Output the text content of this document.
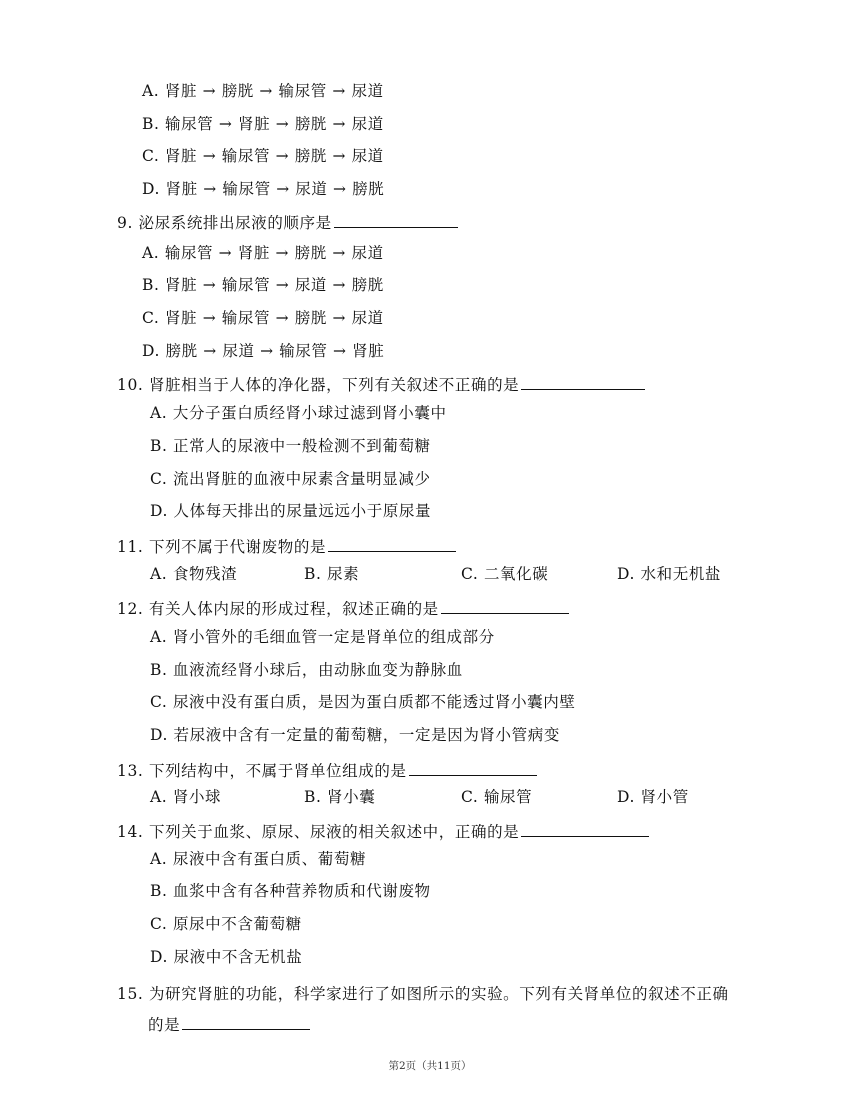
A. 肾脏 → 膀胱 → 输尿管 → 尿道
B. 输尿管 → 肾脏 → 膀胱 → 尿道
C. 肾脏 → 输尿管 → 膀胱 → 尿道
D. 肾脏 → 输尿管 → 尿道 → 膀胱
9. 泌尿系统排出尿液的顺序是
A. 输尿管 → 肾脏 → 膀胱 → 尿道
B. 肾脏 → 输尿管 → 尿道 → 膀胱
C. 肾脏 → 输尿管 → 膀胱 → 尿道
D. 膀胱 → 尿道 → 输尿管 → 肾脏
10. 肾脏相当于人体的净化器，下列有关叙述不正确的是
A. 大分子蛋白质经肾小球过滤到肾小囊中
B. 正常人的尿液中一般检测不到葡萄糖
C. 流出肾脏的血液中尿素含量明显减少
D. 人体每天排出的尿量远远小于原尿量
11. 下列不属于代谢废物的是
A. 食物残渣	B. 尿素	C. 二氧化碳	D. 水和无机盐
12. 有关人体内尿的形成过程，叙述正确的是
A. 肾小管外的毛细血管一定是肾单位的组成部分
B. 血液流经肾小球后，由动脉血变为静脉血
C. 尿液中没有蛋白质，是因为蛋白质都不能透过肾小囊内壁
D. 若尿液中含有一定量的葡萄糖，一定是因为肾小管病变
13. 下列结构中，不属于肾单位组成的是
A. 肾小球	B. 肾小囊	C. 输尿管	D. 肾小管
14. 下列关于血浆、原尿、尿液的相关叙述中，正确的是
A. 尿液中含有蛋白质、葡萄糖
B. 血浆中含有各种营养物质和代谢废物
C. 原尿中不含葡萄糖
D. 尿液中不含无机盐
15. 为研究肾脏的功能，科学家进行了如图所示的实验。下列有关肾单位的叙述不正确
的是
第2页（共11页）
